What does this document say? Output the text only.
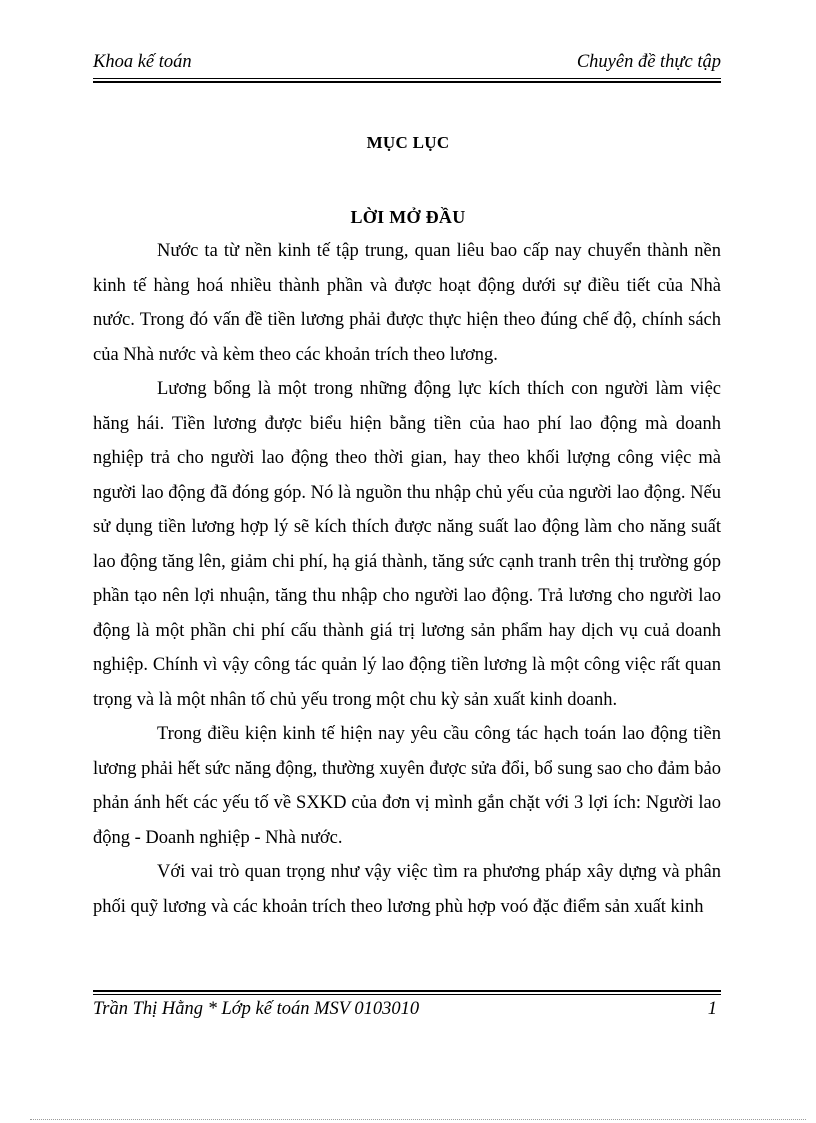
Khoa kế toán	Chuyên đề thực tập
MỤC LỤC
LỜI MỞ ĐẦU

Nước ta từ nền kinh tế tập trung, quan liêu bao cấp nay chuyển thành nền kinh tế hàng hoá nhiều thành phần và được hoạt động dưới sự điều tiết của Nhà nước. Trong đó vấn đề tiền lương phải được thực hiện theo đúng chế độ, chính sách của Nhà nước và kèm theo các khoản trích theo lương.

Lương bổng là một trong những động lực kích thích con người làm việc hăng hái. Tiền lương được biểu hiện bằng tiền của hao phí lao động mà doanh nghiệp trả cho người lao động theo thời gian, hay theo khối lượng công việc mà người lao động đã đóng góp. Nó là nguồn thu nhập chủ yếu của người lao động. Nếu sử dụng tiền lương hợp lý sẽ kích thích được năng suất lao động làm cho năng suất lao động tăng lên, giảm chi phí, hạ giá thành, tăng sức cạnh tranh trên thị trường góp phần tạo nên lợi nhuận, tăng thu nhập cho người lao động. Trả lương cho người lao động là một phần chi phí cấu thành giá trị lương sản phẩm hay dịch vụ cuả doanh nghiệp. Chính vì vậy công tác quản lý lao động tiền lương là một công việc rất quan trọng và là một nhân tố chủ yếu trong một chu kỳ sản xuất kinh doanh.

Trong điều kiện kinh tế hiện nay yêu cầu công tác hạch toán lao động tiền lương phải hết sức năng động, thường xuyên được sửa đổi, bổ sung sao cho đảm bảo phản ánh hết các yếu tố về SXKD của đơn vị mình gắn chặt với 3 lợi ích: Người lao động - Doanh nghiệp - Nhà nước.

Với vai trò quan trọng như vậy việc tìm ra phương pháp xây dựng và phân phối quỹ lương và các khoản trích theo lương phù hợp voó đặc điểm sản xuất kinh

Trần Thị Hằng * Lớp kế toán MSV 0103010	1
